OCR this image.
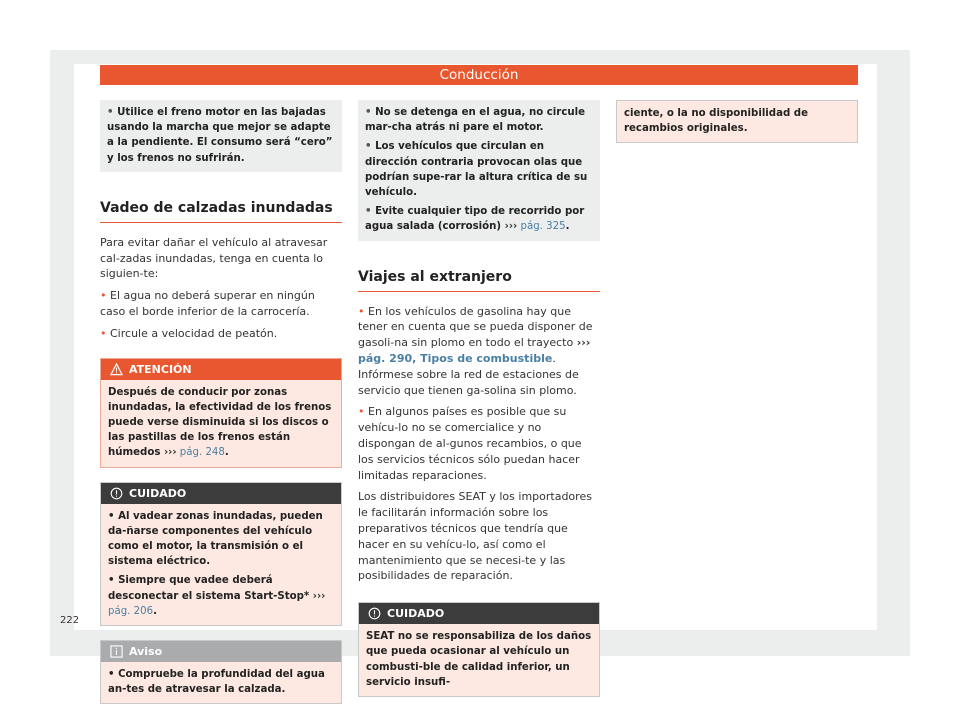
Conducción

• Utilice el freno motor en las bajadas usando la marcha que mejor se adapte a la pendiente. El consumo será “cero” y los frenos no sufrirán.

Vadeo de calzadas inundadas

Para evitar dañar el vehículo al atravesar cal-zadas inundadas, tenga en cuenta lo siguien-te:

• El agua no deberá superar en ningún caso el borde inferior de la carrocería.

• Circule a velocidad de peatón.

ATENCIÓN
Después de conducir por zonas inundadas, la efectividad de los frenos puede verse disminuida si los discos o las pastillas de los frenos están húmedos ››› pág. 248.
CUIDADO

• Al vadear zonas inundadas, pueden da-ñarse componentes del vehículo como el motor, la transmisión o el sistema eléctrico.

• Siempre que vadee deberá desconectar el sistema Start-Stop* ››› pág. 206.

Aviso
• Compruebe la profundidad del agua an-tes de atravesar la calzada.

• No se detenga en el agua, no circule mar-cha atrás ni pare el motor.

• Los vehículos que circulan en dirección contraria provocan olas que podrían supe-rar la altura crítica de su vehículo.

• Evite cualquier tipo de recorrido por agua salada (corrosión) ››› pág. 325.

Viajes al extranjero

• En los vehículos de gasolina hay que tener en cuenta que se pueda disponer de gasoli-na sin plomo en todo el trayecto ››› pág. 290, Tipos de combustible. Infórmese sobre la red de estaciones de servicio que tienen ga-solina sin plomo.

• En algunos países es posible que su vehícu-lo no se comercialice y no dispongan de al-gunos recambios, o que los servicios técnicos sólo puedan hacer limitadas reparaciones.

Los distribuidores SEAT y los importadores le facilitarán información sobre los preparativos técnicos que tendría que hacer en su vehícu-lo, así como el mantenimiento que se necesi-te y las posibilidades de reparación.

CUIDADO
SEAT no se responsabiliza de los daños que pueda ocasionar al vehículo un combusti-ble de calidad inferior, un servicio insufi-
ciente, o la no disponibilidad de recambios originales.
222
